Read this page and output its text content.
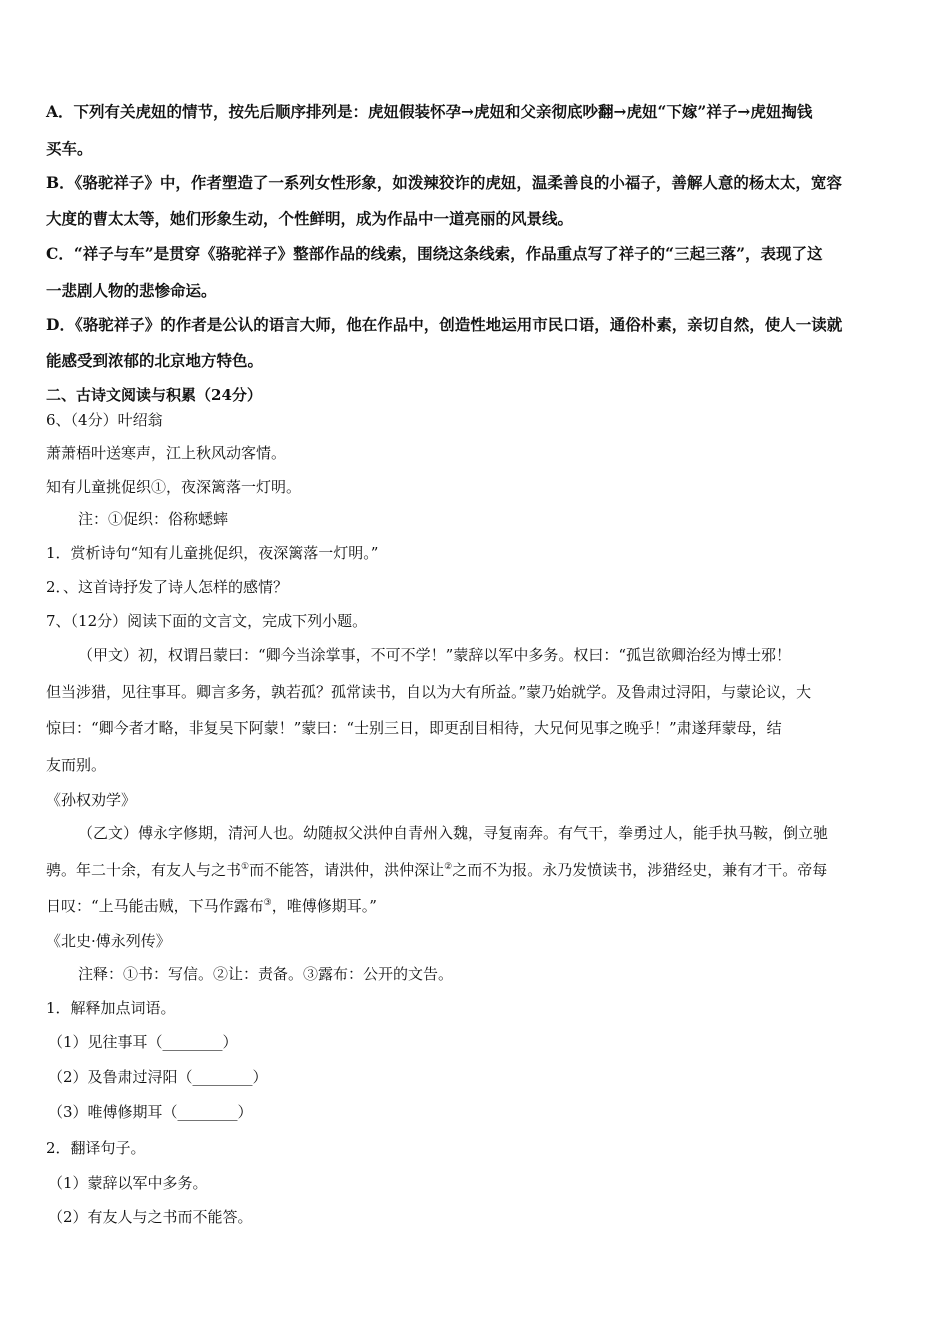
A．下列有关虎妞的情节，按先后顺序排列是：虎妞假装怀孕→虎妞和父亲彻底吵翻→虎妞“下嫁”祥子→虎妞掏钱
买车。
B．《骆驼祥子》中，作者塑造了一系列女性形象，如泼辣狡诈的虎妞，温柔善良的小福子，善解人意的杨太太，宽容
大度的曹太太等，她们形象生动，个性鲜明，成为作品中一道亮丽的风景线。
C．“祥子与车”是贯穿《骆驼祥子》整部作品的线索，围绕这条线索，作品重点写了祥子的“三起三落”，表现了这
一悲剧人物的悲惨命运。
D．《骆驼祥子》的作者是公认的语言大师，他在作品中，创造性地运用市民口语，通俗朴素，亲切自然，使人一读就
能感受到浓郁的北京地方特色。
二、古诗文阅读与积累（24分）
6、（4分）叶绍翁
萧萧梧叶送寒声，江上秋风动客情。
知有儿童挑促织①，夜深篱落一灯明。
注：①促织：俗称蟋蟀
1．赏析诗句“知有儿童挑促织，夜深篱落一灯明。”
2．、这首诗抒发了诗人怎样的感情？
7、（12分）阅读下面的文言文，完成下列小题。
（甲文）初，权谓吕蒙曰：“卿今当涂掌事，不可不学！”蒙辞以军中多务。权曰：“孤岂欲卿治经为博士邪！
但当涉猎，见往事耳。卿言多务，孰若孤？孤常读书，自以为大有所益。”蒙乃始就学。及鲁肃过浔阳，与蒙论议，大
惊曰：“卿今者才略，非复吴下阿蒙！”蒙曰：“士别三日，即更刮目相待，大兄何见事之晚乎！”肃遂拜蒙母，结
友而别。
《孙权劝学》
（乙文）傅永字修期，清河人也。幼随叔父洪仲自青州入魏，寻复南奔。有气干，拳勇过人，能手执马鞍，倒立驰
骋。年二十余，有友人与之书①而不能答，请洪仲，洪仲深让②之而不为报。永乃发愤读书，涉猎经史，兼有才干。帝每
日叹：“上马能击贼，下马作露布③，唯傅修期耳。”
《北史·傅永列传》
注释：①书：写信。②让：责备。③露布：公开的文告。
1．解释加点词语。
（1）见往事耳（________）
（2）及鲁肃过浔阳（________）
（3）唯傅修期耳（________）
2．翻译句子。
（1）蒙辞以军中多务。
（2）有友人与之书而不能答。
